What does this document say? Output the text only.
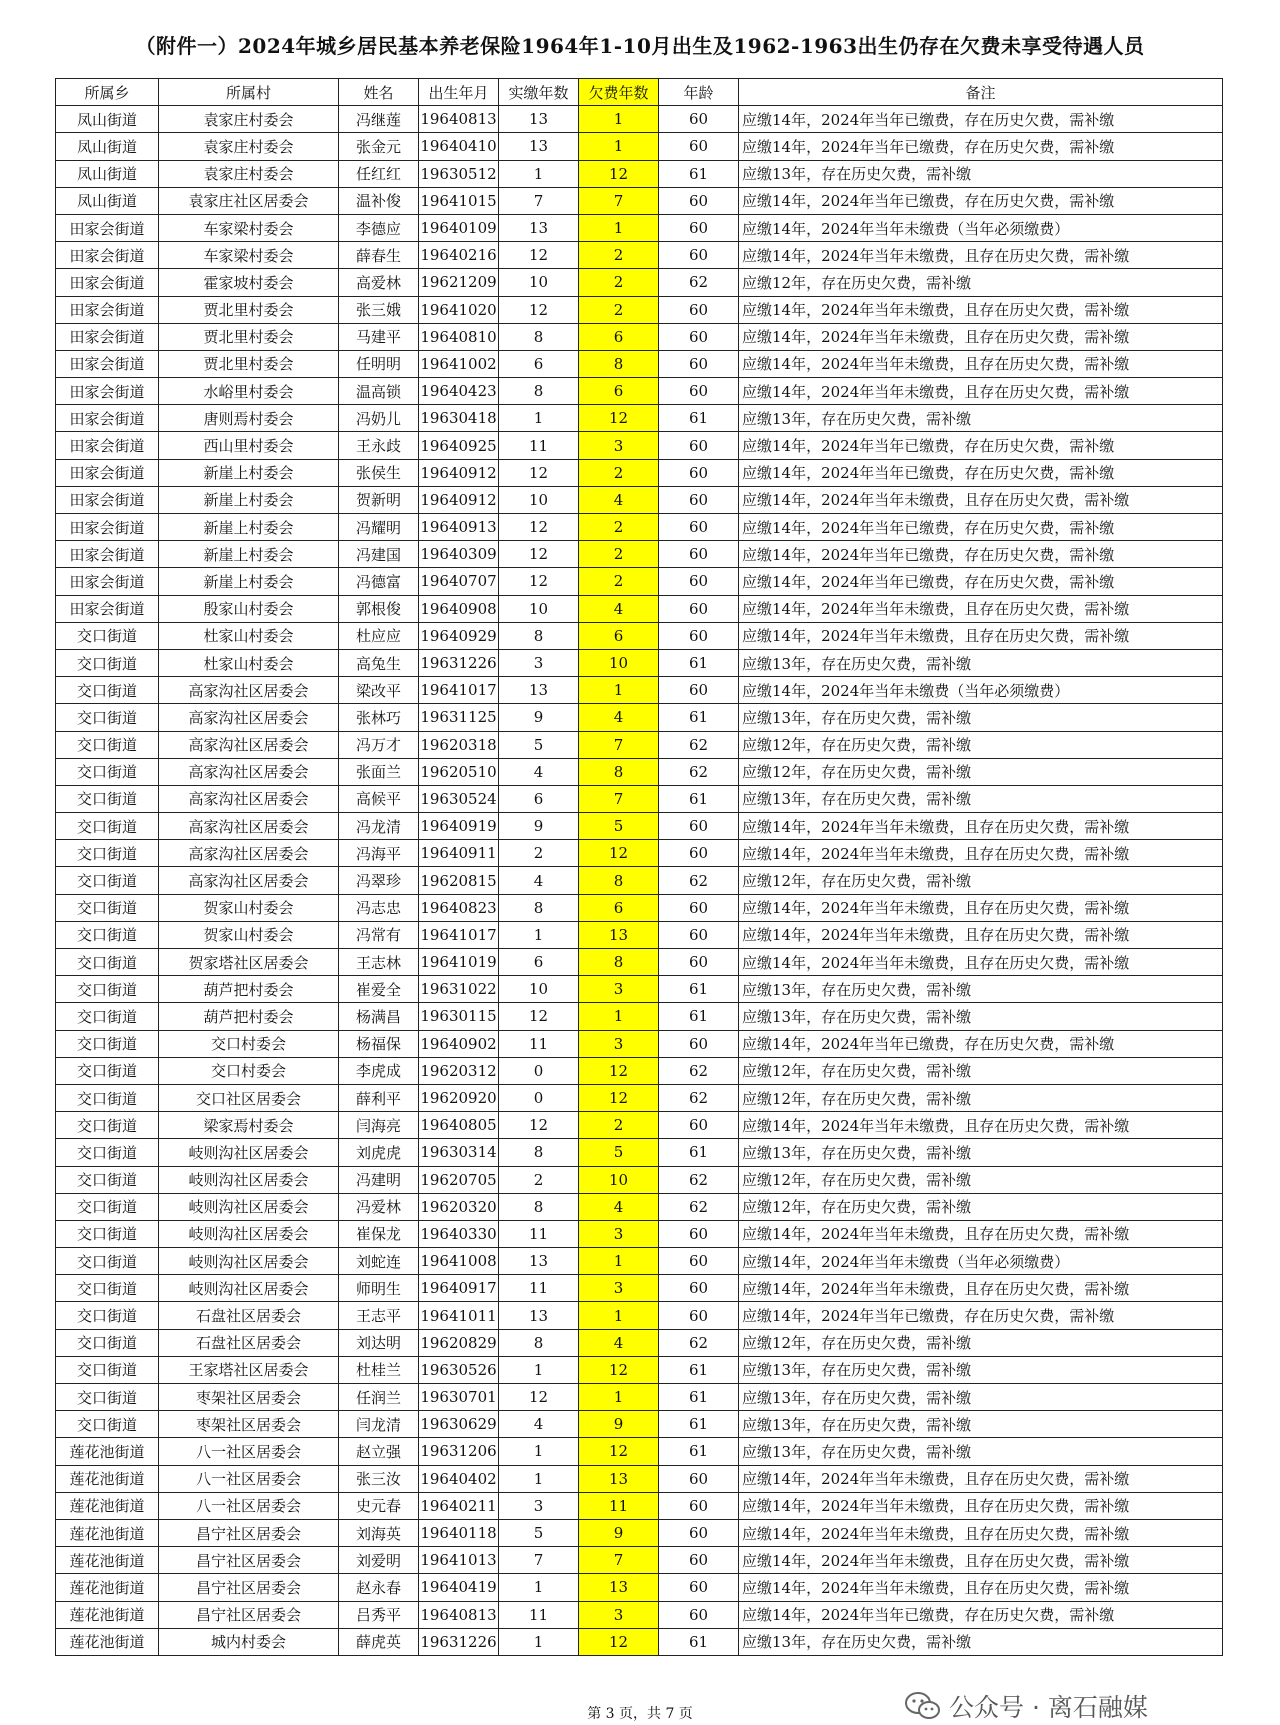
（附件一）2024年城乡居民基本养老保险1964年1-10月出生及1962-1963出生仍存在欠费未享受待遇人员
所属乡	所属村	姓名	出生年月	实缴年数	欠费年数	年龄	备注
凤山街道	袁家庄村委会	冯继莲	19640813	13	1	60	应缴14年，2024年当年已缴费，存在历史欠费，需补缴
凤山街道	袁家庄村委会	张金元	19640410	13	1	60	应缴14年，2024年当年已缴费，存在历史欠费，需补缴
凤山街道	袁家庄村委会	任红红	19630512	1	12	61	应缴13年，存在历史欠费，需补缴
凤山街道	袁家庄社区居委会	温补俊	19641015	7	7	60	应缴14年，2024年当年已缴费，存在历史欠费，需补缴
田家会街道	车家梁村委会	李德应	19640109	13	1	60	应缴14年，2024年当年未缴费（当年必须缴费）
田家会街道	车家梁村委会	薛春生	19640216	12	2	60	应缴14年，2024年当年未缴费，且存在历史欠费，需补缴
田家会街道	霍家坡村委会	高爱林	19621209	10	2	62	应缴12年，存在历史欠费，需补缴
田家会街道	贾北里村委会	张三娥	19641020	12	2	60	应缴14年，2024年当年未缴费，且存在历史欠费，需补缴
田家会街道	贾北里村委会	马建平	19640810	8	6	60	应缴14年，2024年当年未缴费，且存在历史欠费，需补缴
田家会街道	贾北里村委会	任明明	19641002	6	8	60	应缴14年，2024年当年未缴费，且存在历史欠费，需补缴
田家会街道	水峪里村委会	温高锁	19640423	8	6	60	应缴14年，2024年当年未缴费，且存在历史欠费，需补缴
田家会街道	唐则焉村委会	冯奶儿	19630418	1	12	61	应缴13年，存在历史欠费，需补缴
田家会街道	西山里村委会	王永歧	19640925	11	3	60	应缴14年，2024年当年已缴费，存在历史欠费，需补缴
田家会街道	新崖上村委会	张侯生	19640912	12	2	60	应缴14年，2024年当年已缴费，存在历史欠费，需补缴
田家会街道	新崖上村委会	贺新明	19640912	10	4	60	应缴14年，2024年当年未缴费，且存在历史欠费，需补缴
田家会街道	新崖上村委会	冯耀明	19640913	12	2	60	应缴14年，2024年当年已缴费，存在历史欠费，需补缴
田家会街道	新崖上村委会	冯建国	19640309	12	2	60	应缴14年，2024年当年已缴费，存在历史欠费，需补缴
田家会街道	新崖上村委会	冯德富	19640707	12	2	60	应缴14年，2024年当年已缴费，存在历史欠费，需补缴
田家会街道	殷家山村委会	郭根俊	19640908	10	4	60	应缴14年，2024年当年未缴费，且存在历史欠费，需补缴
交口街道	杜家山村委会	杜应应	19640929	8	6	60	应缴14年，2024年当年未缴费，且存在历史欠费，需补缴
交口街道	杜家山村委会	高兔生	19631226	3	10	61	应缴13年，存在历史欠费，需补缴
交口街道	高家沟社区居委会	梁改平	19641017	13	1	60	应缴14年，2024年当年未缴费（当年必须缴费）
交口街道	高家沟社区居委会	张林巧	19631125	9	4	61	应缴13年，存在历史欠费，需补缴
交口街道	高家沟社区居委会	冯万才	19620318	5	7	62	应缴12年，存在历史欠费，需补缴
交口街道	高家沟社区居委会	张面兰	19620510	4	8	62	应缴12年，存在历史欠费，需补缴
交口街道	高家沟社区居委会	高候平	19630524	6	7	61	应缴13年，存在历史欠费，需补缴
交口街道	高家沟社区居委会	冯龙清	19640919	9	5	60	应缴14年，2024年当年未缴费，且存在历史欠费，需补缴
交口街道	高家沟社区居委会	冯海平	19640911	2	12	60	应缴14年，2024年当年未缴费，且存在历史欠费，需补缴
交口街道	高家沟社区居委会	冯翠珍	19620815	4	8	62	应缴12年，存在历史欠费，需补缴
交口街道	贺家山村委会	冯志忠	19640823	8	6	60	应缴14年，2024年当年未缴费，且存在历史欠费，需补缴
交口街道	贺家山村委会	冯常有	19641017	1	13	60	应缴14年，2024年当年未缴费，且存在历史欠费，需补缴
交口街道	贺家塔社区居委会	王志林	19641019	6	8	60	应缴14年，2024年当年未缴费，且存在历史欠费，需补缴
交口街道	葫芦把村委会	崔爱全	19631022	10	3	61	应缴13年，存在历史欠费，需补缴
交口街道	葫芦把村委会	杨满昌	19630115	12	1	61	应缴13年，存在历史欠费，需补缴
交口街道	交口村委会	杨福保	19640902	11	3	60	应缴14年，2024年当年已缴费，存在历史欠费，需补缴
交口街道	交口村委会	李虎成	19620312	0	12	62	应缴12年，存在历史欠费，需补缴
交口街道	交口社区居委会	薛利平	19620920	0	12	62	应缴12年，存在历史欠费，需补缴
交口街道	梁家焉村委会	闫海亮	19640805	12	2	60	应缴14年，2024年当年未缴费，且存在历史欠费，需补缴
交口街道	岐则沟社区居委会	刘虎虎	19630314	8	5	61	应缴13年，存在历史欠费，需补缴
交口街道	岐则沟社区居委会	冯建明	19620705	2	10	62	应缴12年，存在历史欠费，需补缴
交口街道	岐则沟社区居委会	冯爱林	19620320	8	4	62	应缴12年，存在历史欠费，需补缴
交口街道	岐则沟社区居委会	崔保龙	19640330	11	3	60	应缴14年，2024年当年未缴费，且存在历史欠费，需补缴
交口街道	岐则沟社区居委会	刘蛇连	19641008	13	1	60	应缴14年，2024年当年未缴费（当年必须缴费）
交口街道	岐则沟社区居委会	师明生	19640917	11	3	60	应缴14年，2024年当年未缴费，且存在历史欠费，需补缴
交口街道	石盘社区居委会	王志平	19641011	13	1	60	应缴14年，2024年当年已缴费，存在历史欠费，需补缴
交口街道	石盘社区居委会	刘达明	19620829	8	4	62	应缴12年，存在历史欠费，需补缴
交口街道	王家塔社区居委会	杜桂兰	19630526	1	12	61	应缴13年，存在历史欠费，需补缴
交口街道	枣架社区居委会	任润兰	19630701	12	1	61	应缴13年，存在历史欠费，需补缴
交口街道	枣架社区居委会	闫龙清	19630629	4	9	61	应缴13年，存在历史欠费，需补缴
莲花池街道	八一社区居委会	赵立强	19631206	1	12	61	应缴13年，存在历史欠费，需补缴
莲花池街道	八一社区居委会	张三汝	19640402	1	13	60	应缴14年，2024年当年未缴费，且存在历史欠费，需补缴
莲花池街道	八一社区居委会	史元春	19640211	3	11	60	应缴14年，2024年当年未缴费，且存在历史欠费，需补缴
莲花池街道	昌宁社区居委会	刘海英	19640118	5	9	60	应缴14年，2024年当年未缴费，且存在历史欠费，需补缴
莲花池街道	昌宁社区居委会	刘爱明	19641013	7	7	60	应缴14年，2024年当年未缴费，且存在历史欠费，需补缴
莲花池街道	昌宁社区居委会	赵永春	19640419	1	13	60	应缴14年，2024年当年未缴费，且存在历史欠费，需补缴
莲花池街道	昌宁社区居委会	吕秀平	19640813	11	3	60	应缴14年，2024年当年已缴费，存在历史欠费，需补缴
莲花池街道	城内村委会	薛虎英	19631226	1	12	61	应缴13年，存在历史欠费，需补缴
第 3 页，共 7 页	公众号 · 离石融媒
